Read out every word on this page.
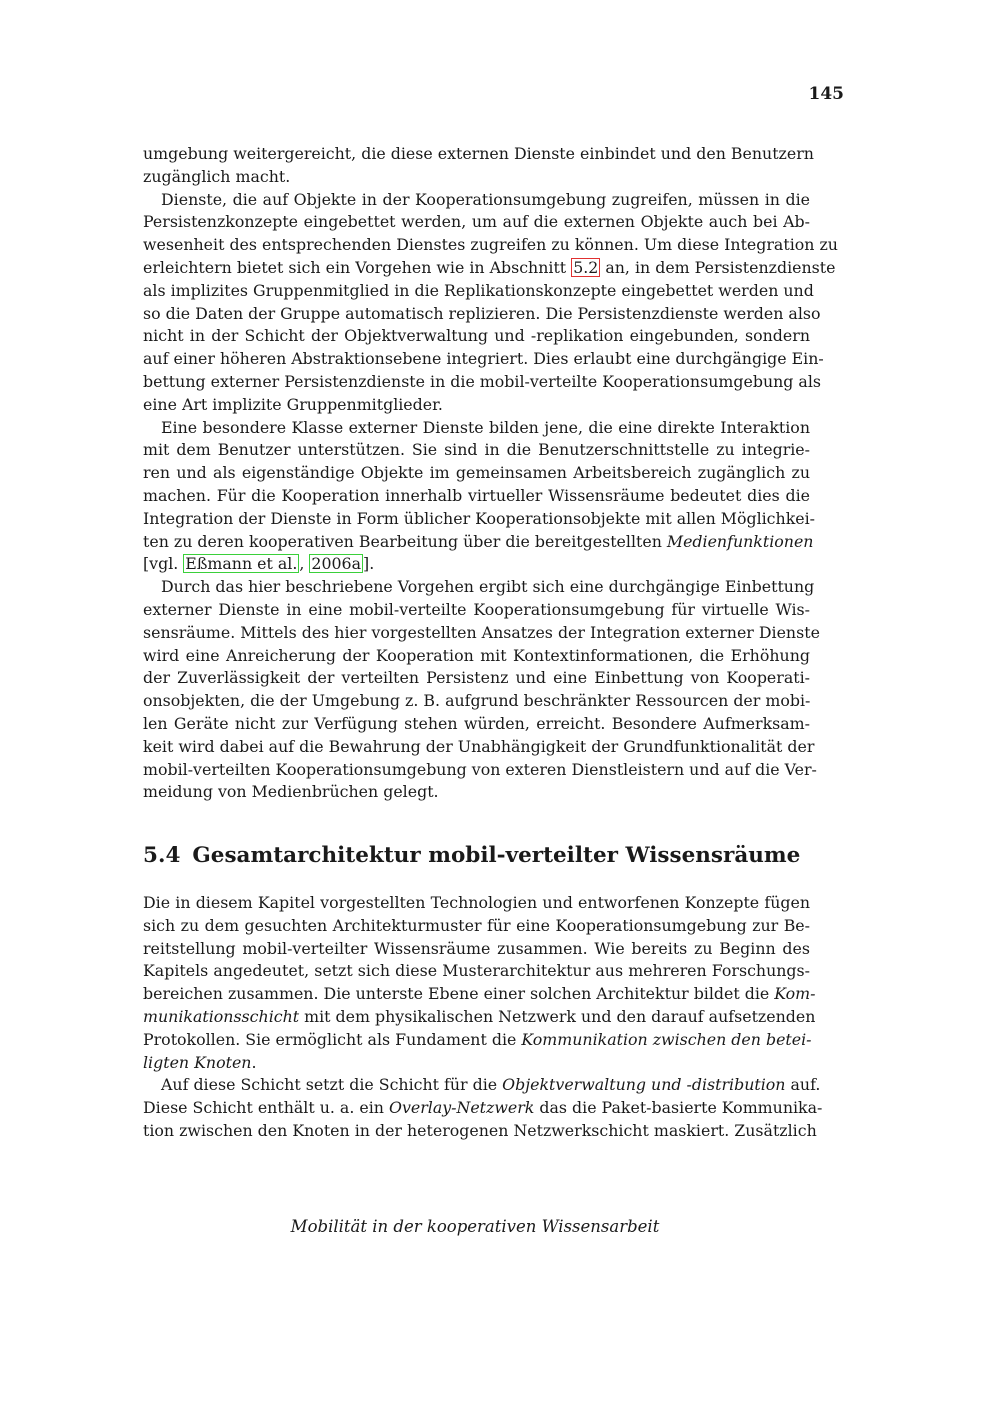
145
umgebung weitergereicht, die diese externen Dienste einbindet und den Benutzern
zugänglich macht.
Dienste, die auf Objekte in der Kooperationsumgebung zugreifen, müssen in die
Persistenzkonzepte eingebettet werden, um auf die externen Objekte auch bei Ab-
wesenheit des entsprechenden Dienstes zugreifen zu können. Um diese Integration zu
erleichtern bietet sich ein Vorgehen wie in Abschnitt 5.2 an, in dem Persistenzdienste
als implizites Gruppenmitglied in die Replikationskonzepte eingebettet werden und
so die Daten der Gruppe automatisch replizieren. Die Persistenzdienste werden also
nicht in der Schicht der Objektverwaltung und -replikation eingebunden, sondern
auf einer höheren Abstraktionsebene integriert. Dies erlaubt eine durchgängige Ein-
bettung externer Persistenzdienste in die mobil-verteilte Kooperationsumgebung als
eine Art implizite Gruppenmitglieder.
Eine besondere Klasse externer Dienste bilden jene, die eine direkte Interaktion
mit dem Benutzer unterstützen. Sie sind in die Benutzerschnittstelle zu integrie-
ren und als eigenständige Objekte im gemeinsamen Arbeitsbereich zugänglich zu
machen. Für die Kooperation innerhalb virtueller Wissensräume bedeutet dies die
Integration der Dienste in Form üblicher Kooperationsobjekte mit allen Möglichkei-
ten zu deren kooperativen Bearbeitung über die bereitgestellten Medienfunktionen
[vgl. Eßmann et al. , 2006a ].
Durch das hier beschriebene Vorgehen ergibt sich eine durchgängige Einbettung
externer Dienste in eine mobil-verteilte Kooperationsumgebung für virtuelle Wis-
sensräume. Mittels des hier vorgestellten Ansatzes der Integration externer Dienste
wird eine Anreicherung der Kooperation mit Kontextinformationen, die Erhöhung
der Zuverlässigkeit der verteilten Persistenz und eine Einbettung von Kooperati-
onsobjekten, die der Umgebung z. B. aufgrund beschränkter Ressourcen der mobi-
len Geräte nicht zur Verfügung stehen würden, erreicht. Besondere Aufmerksam-
keit wird dabei auf die Bewahrung der Unabhängigkeit der Grundfunktionalität der
mobil-verteilten Kooperationsumgebung von exteren Dienstleistern und auf die Ver-
meidung von Medienbrüchen gelegt.
5.4 Gesamtarchitektur mobil-verteilter Wissensräume
Die in diesem Kapitel vorgestellten Technologien und entworfenen Konzepte fügen
sich zu dem gesuchten Architekturmuster für eine Kooperationsumgebung zur Be-
reitstellung mobil-verteilter Wissensräume zusammen. Wie bereits zu Beginn des
Kapitels angedeutet, setzt sich diese Musterarchitektur aus mehreren Forschungs-
bereichen zusammen. Die unterste Ebene einer solchen Architektur bildet die Kom-
munikationsschicht mit dem physikalischen Netzwerk und den darauf aufsetzenden
Protokollen. Sie ermöglicht als Fundament die Kommunikation zwischen den betei-
ligten Knoten.
Auf diese Schicht setzt die Schicht für die Objektverwaltung und -distribution auf.
Diese Schicht enthält u. a. ein Overlay-Netzwerk das die Paket-basierte Kommunika-
tion zwischen den Knoten in der heterogenen Netzwerkschicht maskiert. Zusätzlich
Mobilität in der kooperativen Wissensarbeit
